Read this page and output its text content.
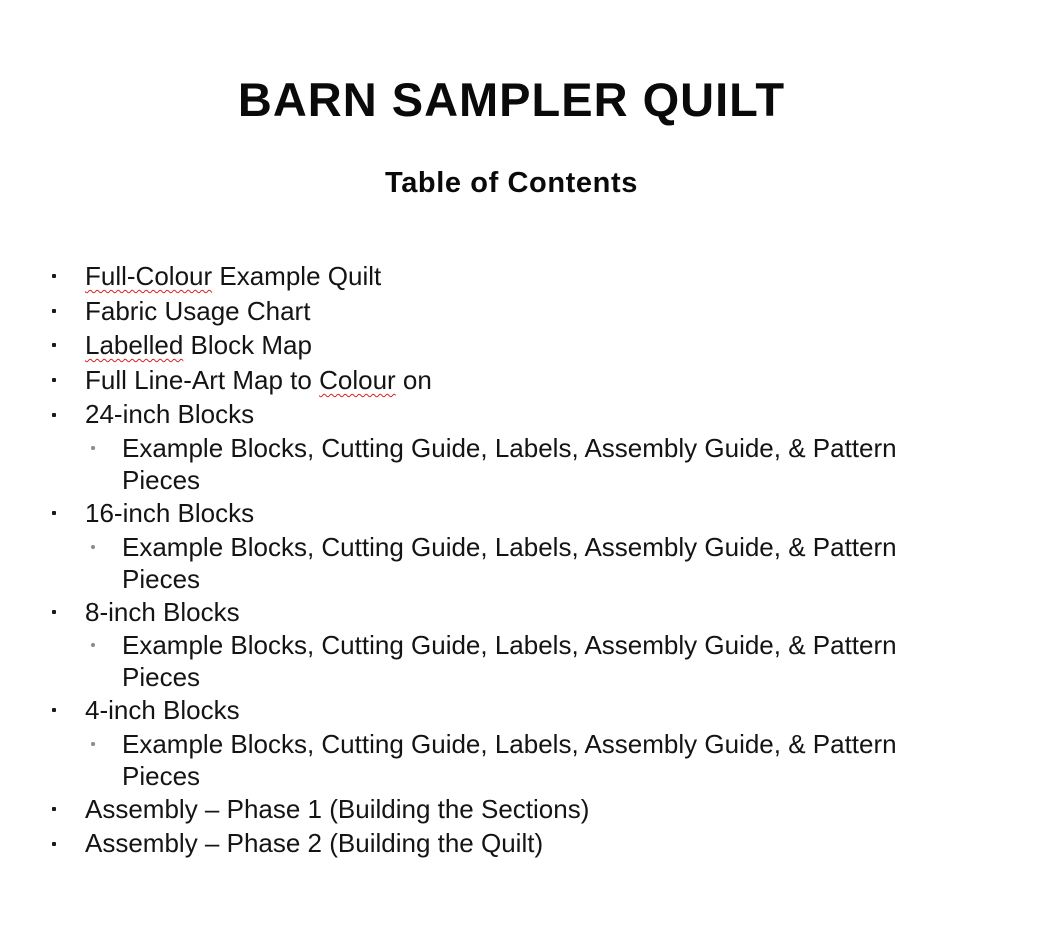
BARN SAMPLER QUILT
Table of Contents
Full-Colour Example Quilt
Fabric Usage Chart
Labelled Block Map
Full Line-Art Map to Colour on
24-inch Blocks
Example Blocks, Cutting Guide, Labels, Assembly Guide, & Pattern Pieces
16-inch Blocks
Example Blocks, Cutting Guide, Labels, Assembly Guide, & Pattern Pieces
8-inch Blocks
Example Blocks, Cutting Guide, Labels, Assembly Guide, & Pattern Pieces
4-inch Blocks
Example Blocks, Cutting Guide, Labels, Assembly Guide, & Pattern Pieces
Assembly – Phase 1 (Building the Sections)
Assembly – Phase 2 (Building the Quilt)
